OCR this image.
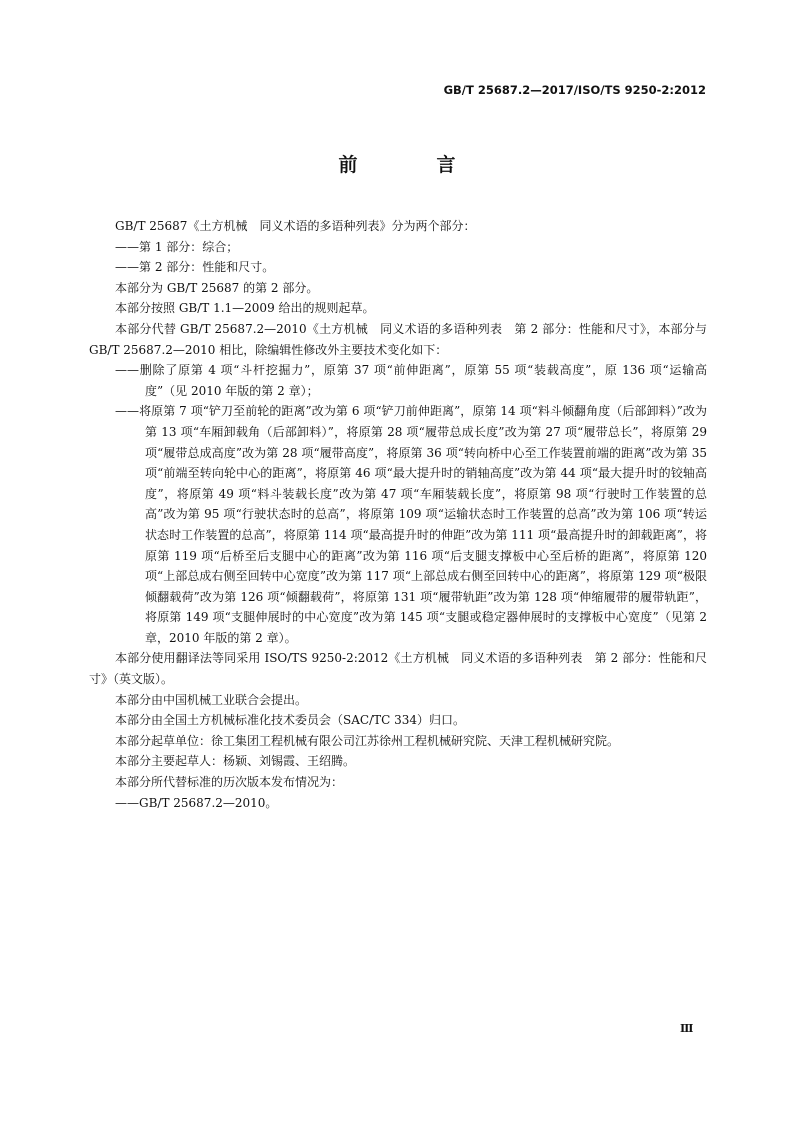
GB/T 25687.2—2017/ISO/TS 9250-2:2012
前　言

GB/T 25687《土方机械　同义术语的多语种列表》分为两个部分：

——第 1 部分：综合；

——第 2 部分：性能和尺寸。

本部分为 GB/T 25687 的第 2 部分。

本部分按照 GB/T 1.1—2009 给出的规则起草。

本部分代替 GB/T 25687.2—2010《土方机械　同义术语的多语种列表　第 2 部分：性能和尺寸》，本部分与 GB/T 25687.2—2010 相比，除编辑性修改外主要技术变化如下：

——删除了原第 4 项“斗杆挖掘力”，原第 37 项“前伸距离”，原第 55 项“装载高度”，原 136 项“运输高度”（见 2010 年版的第 2 章）；

——将原第 7 项“铲刀至前轮的距离”改为第 6 项“铲刀前伸距离”，原第 14 项“料斗倾翻角度（后部卸料）”改为第 13 项“车厢卸载角（后部卸料）”，将原第 28 项“履带总成长度”改为第 27 项“履带总长”，将原第 29 项“履带总成高度”改为第 28 项“履带高度”，将原第 36 项“转向桥中心至工作装置前端的距离”改为第 35 项“前端至转向轮中心的距离”，将原第 46 项“最大提升时的销轴高度”改为第 44 项“最大提升时的铰轴高度”，将原第 49 项“料斗装载长度”改为第 47 项“车厢装载长度”，将原第 98 项“行驶时工作装置的总高”改为第 95 项“行驶状态时的总高”，将原第 109 项“运输状态时工作装置的总高”改为第 106 项“转运状态时工作装置的总高”，将原第 114 项“最高提升时的伸距”改为第 111 项“最高提升时的卸载距离”，将原第 119 项“后桥至后支腿中心的距离”改为第 116 项“后支腿支撑板中心至后桥的距离”，将原第 120 项“上部总成右侧至回转中心宽度”改为第 117 项“上部总成右侧至回转中心的距离”，将原第 129 项“极限倾翻载荷”改为第 126 项“倾翻载荷”，将原第 131 项“履带轨距”改为第 128 项“伸缩履带的履带轨距”，将原第 149 项“支腿伸展时的中心宽度”改为第 145 项“支腿或稳定器伸展时的支撑板中心宽度”（见第 2 章，2010 年版的第 2 章）。

本部分使用翻译法等同采用 ISO/TS 9250-2:2012《土方机械　同义术语的多语种列表　第 2 部分：性能和尺寸》（英文版）。

本部分由中国机械工业联合会提出。

本部分由全国土方机械标准化技术委员会（SAC/TC 334）归口。

本部分起草单位：徐工集团工程机械有限公司江苏徐州工程机械研究院、天津工程机械研究院。

本部分主要起草人：杨颖、刘锡霞、王绍腾。

本部分所代替标准的历次版本发布情况为：

——GB/T 25687.2—2010。

Ⅲ
